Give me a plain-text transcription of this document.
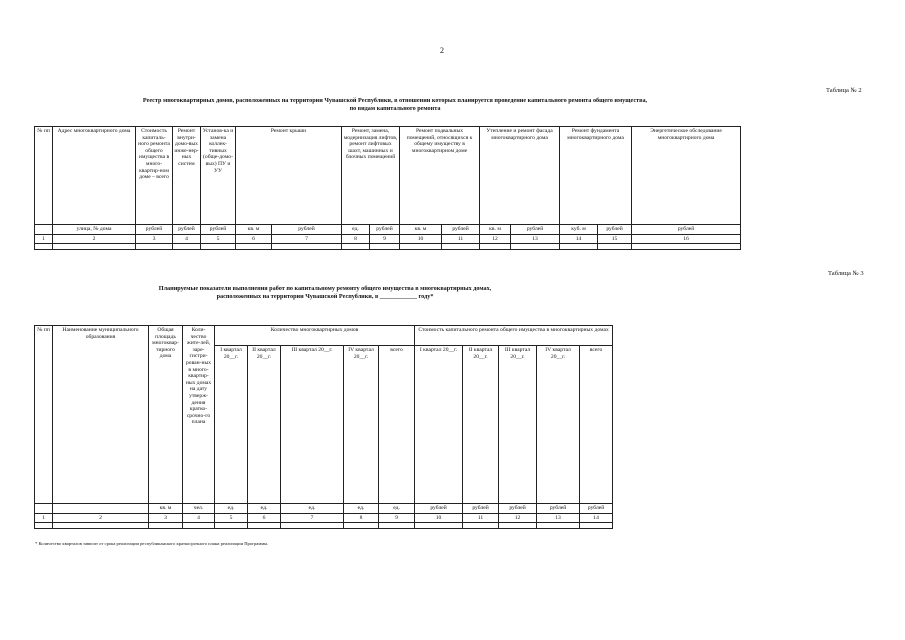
2
Таблица № 2
Реестр многоквартирных домов, расположенных на территории Чувашской Республики, в отношении которых планируется проведение капитального ремонта общего имущества,
по видам капитального ремонта
№ пп	Адрес многоквартирного дома	Стоимость капиталь-ного ремонта общего имущества в много-квартир-ном доме – всего	Ремонт внутри-домо-вых инже-нер-ных систем	Установ-ка и замена коллек-тивных (обще-домо-вых) ПУ и УУ	Ремонт крыши		Ремонт, замена, модернизация лифтов, ремонт лифтовых шахт, машинных и блочных помещений		Ремонт подвальных помещений, относящихся к общему имуществу в многоквартирном доме		Утепление и ремонт фасада многоквартирного дома		Ремонт фундамента многоквартирного дома		Энергетическое обследование многоквартирного дома
	улица, № дома	рублей	рублей	рублей	кв. м	рублей	ед.	рублей	кв. м	рублей	кв. м	рублей	куб. м	рублей	рублей
1	2	3	4	5	6	7	8	9	10	11	12	13	14	15	16

Таблица № 3
Планируемые показатели выполнения работ по капитальному ремонту общего имущества в многоквартирных домах,
расположенных на территории Чувашской Республики, в ____________ году*
№ пп	Наименование муниципального образования	Общая площадь многоквар-тирного дома	Коли-чество жите-лей, заре-гистри-рован-ных в много-квартир-ных домах на дату утверж-дения кратко-срочно-го плана	Количество многоквартирных домов					Стоимость капитального ремонта общего имущества в многоквартирных домах				
				I квартал 20__г.	II квартал 20__г.	III квартал 20__г.	IV квартал 20__г.	всего	I квартал 20__г.	II квартал 20__г.	III квартал 20__г.	IV квартал 20__г.	всего
		кв. м	чел.	ед.	ед.	ед.	ед.	ед.	рублей	рублей	рублей	рублей	рублей
1	2	3	4	5	6	7	8	9	10	11	12	13	14

* Количество кварталов зависит от срока реализации республиканского краткосрочного плана реализации Программы.
